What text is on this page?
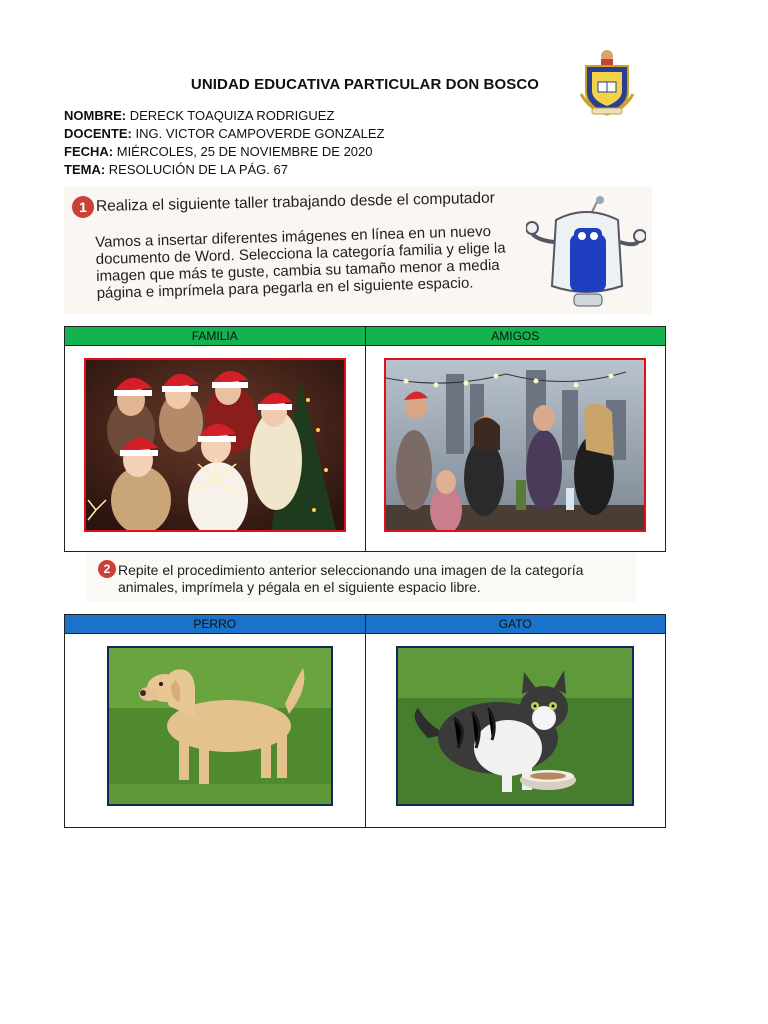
UNIDAD EDUCATIVA PARTICULAR DON BOSCO
NOMBRE: DERECK TOAQUIZA RODRIGUEZ
DOCENTE: ING. VICTOR CAMPOVERDE GONZALEZ
FECHA: MIÉRCOLES, 25 DE NOVIEMBRE DE 2020
TEMA: RESOLUCIÓN DE LA PÁG. 67
1 Realiza el siguiente taller trabajando desde el computador
Vamos a insertar diferentes imágenes en línea en un nuevo documento de Word. Selecciona la categoría familia y elige la imagen que más te guste, cambia su tamaño menor a media página e imprímela para pegarla en el siguiente espacio.
FAMILIA	AMIGOS

2 Repite el procedimiento anterior seleccionando una imagen de la categoría animales, imprímela y pégala en el siguiente espacio libre.
PERRO	GATO
